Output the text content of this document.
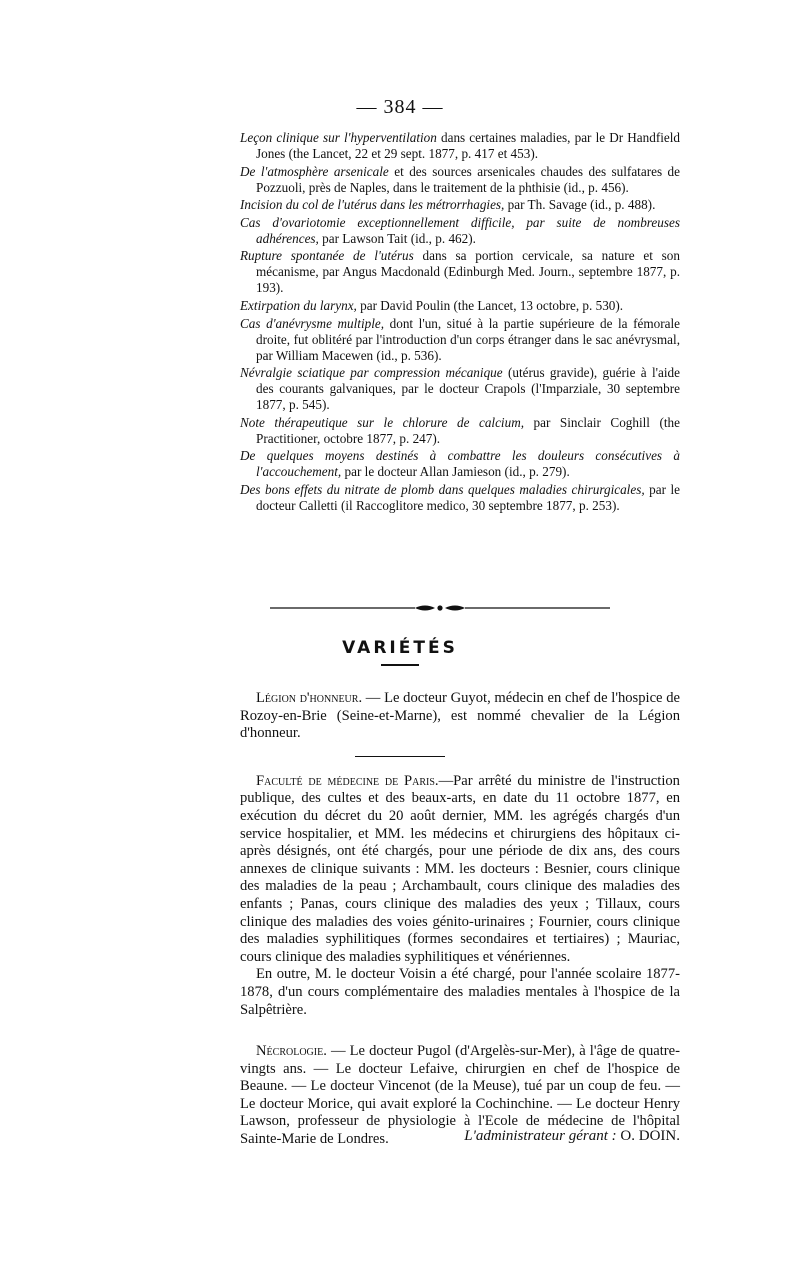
— 384 —

Leçon clinique sur l'hyperventilation dans certaines maladies, par le Dr Handfield Jones (the Lancet, 22 et 29 sept. 1877, p. 417 et 453).

De l'atmosphère arsenicale et des sources arsenicales chaudes des sulfatares de Pozzuoli, près de Naples, dans le traitement de la phthisie (id., p. 456).

Incision du col de l'utérus dans les métrorrhagies, par Th. Savage (id., p. 488).

Cas d'ovariotomie exceptionnellement difficile, par suite de nombreuses adhérences, par Lawson Tait (id., p. 462).

Rupture spontanée de l'utérus dans sa portion cervicale, sa nature et son mécanisme, par Angus Macdonald (Edinburgh Med. Journ., septembre 1877, p. 193).

Extirpation du larynx, par David Poulin (the Lancet, 13 octobre, p. 530).

Cas d'anévrysme multiple, dont l'un, situé à la partie supérieure de la fémorale droite, fut oblitéré par l'introduction d'un corps étranger dans le sac anévrysmal, par William Macewen (id., p. 536).

Névralgie sciatique par compression mécanique (utérus gravide), guérie à l'aide des courants galvaniques, par le docteur Crapols (l'Imparziale, 30 septembre 1877, p. 545).

Note thérapeutique sur le chlorure de calcium, par Sinclair Coghill (the Practitioner, octobre 1877, p. 247).

De quelques moyens destinés à combattre les douleurs consécutives à l'accouchement, par le docteur Allan Jamieson (id., p. 279).

Des bons effets du nitrate de plomb dans quelques maladies chirurgicales, par le docteur Calletti (il Raccoglitore medico, 30 septembre 1877, p. 253).

VARIÉTÉS

Légion d'honneur. — Le docteur Guyot, médecin en chef de l'hospice de Rozoy-en-Brie (Seine-et-Marne), est nommé chevalier de la Légion d'honneur.

Faculté de médecine de Paris.—Par arrêté du ministre de l'instruction publique, des cultes et des beaux-arts, en date du 11 octobre 1877, en exécution du décret du 20 août dernier, MM. les agrégés chargés d'un service hospitalier, et MM. les médecins et chirurgiens des hôpitaux ci-après désignés, ont été chargés, pour une période de dix ans, des cours annexes de clinique suivants : MM. les docteurs : Besnier, cours clinique des maladies de la peau ; Archambault, cours clinique des maladies des enfants ; Panas, cours clinique des maladies des yeux ; Tillaux, cours clinique des maladies des voies génito-urinaires ; Fournier, cours clinique des maladies syphilitiques (formes secondaires et tertiaires) ; Mauriac, cours clinique des maladies syphilitiques et vénériennes.

En outre, M. le docteur Voisin a été chargé, pour l'année scolaire 1877-1878, d'un cours complémentaire des maladies mentales à l'hospice de la Salpêtrière.

Nécrologie. — Le docteur Pugol (d'Argelès-sur-Mer), à l'âge de quatre-vingts ans. — Le docteur Lefaive, chirurgien en chef de l'hospice de Beaune. — Le docteur Vincenot (de la Meuse), tué par un coup de feu. — Le docteur Morice, qui avait exploré la Cochinchine. — Le docteur Henry Lawson, professeur de physiologie à l'Ecole de médecine de l'hôpital Sainte-Marie de Londres.	L'administrateur gérant : O. DOIN.
